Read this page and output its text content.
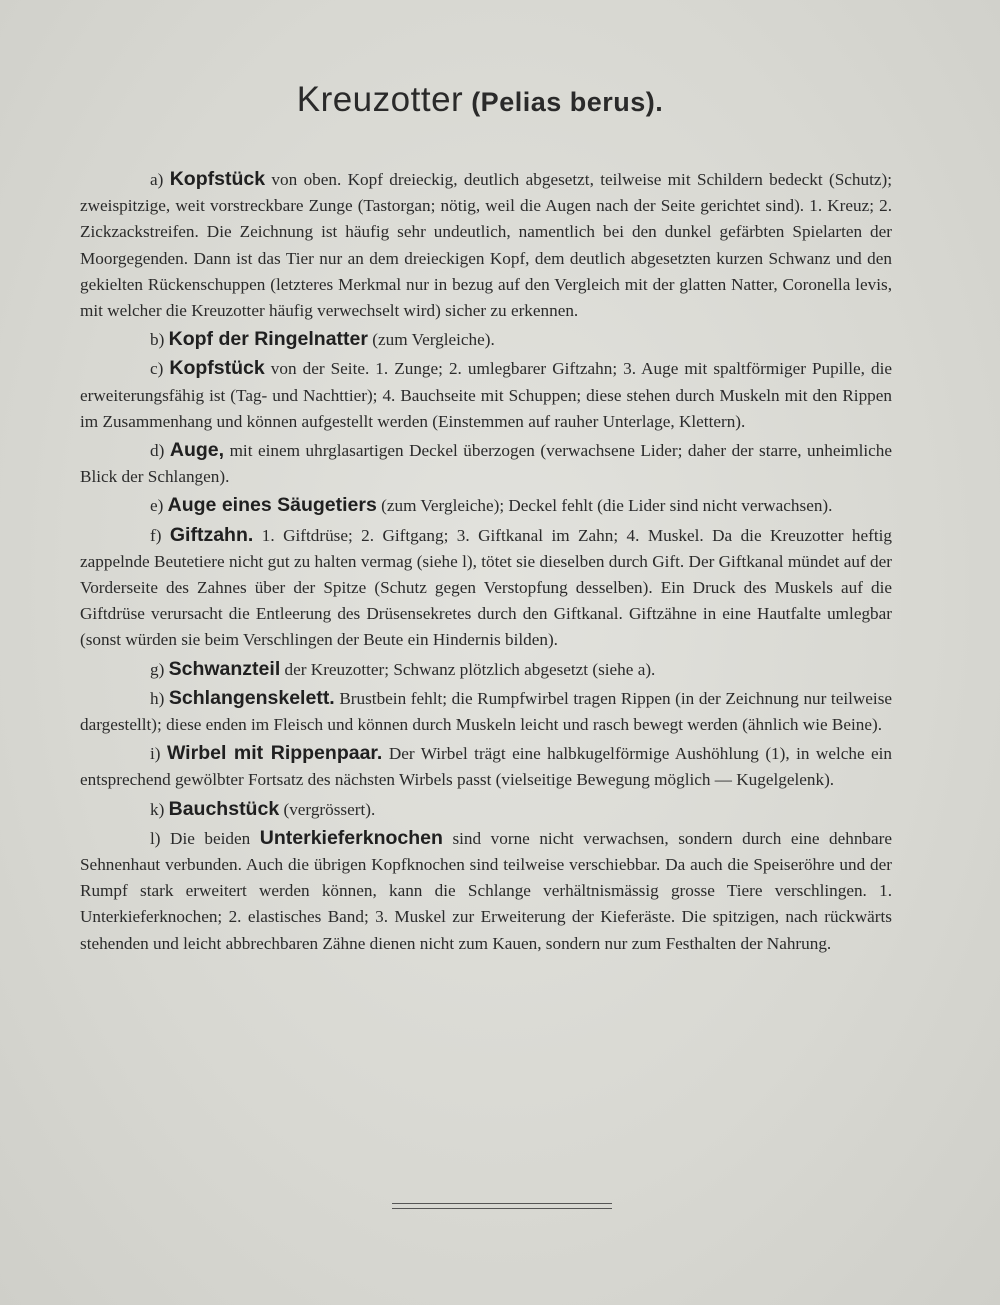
Kreuzotter (Pelias berus).

a) Kopfstück von oben. Kopf dreieckig, deutlich abgesetzt, teilweise mit Schildern bedeckt (Schutz); zweispitzige, weit vorstreckbare Zunge (Tastorgan; nötig, weil die Augen nach der Seite gerichtet sind). 1. Kreuz; 2. Zickzackstreifen. Die Zeichnung ist häufig sehr undeutlich, namentlich bei den dunkel gefärbten Spielarten der Moorgegenden. Dann ist das Tier nur an dem dreieckigen Kopf, dem deutlich abgesetzten kurzen Schwanz und den gekielten Rückenschuppen (letzteres Merkmal nur in bezug auf den Vergleich mit der glatten Natter, Coronella levis, mit welcher die Kreuzotter häufig verwechselt wird) sicher zu erkennen.

b) Kopf der Ringelnatter (zum Vergleiche).

c) Kopfstück von der Seite. 1. Zunge; 2. umlegbarer Giftzahn; 3. Auge mit spaltförmiger Pupille, die erweiterungsfähig ist (Tag- und Nachttier); 4. Bauchseite mit Schuppen; diese stehen durch Muskeln mit den Rippen im Zusammenhang und können aufgestellt werden (Einstemmen auf rauher Unterlage, Klettern).

d) Auge, mit einem uhrglasartigen Deckel überzogen (verwachsene Lider; daher der starre, unheimliche Blick der Schlangen).

e) Auge eines Säugetiers (zum Vergleiche); Deckel fehlt (die Lider sind nicht verwachsen).

f) Giftzahn. 1. Giftdrüse; 2. Giftgang; 3. Giftkanal im Zahn; 4. Muskel. Da die Kreuzotter heftig zappelnde Beutetiere nicht gut zu halten vermag (siehe l), tötet sie dieselben durch Gift. Der Giftkanal mündet auf der Vorderseite des Zahnes über der Spitze (Schutz gegen Verstopfung desselben). Ein Druck des Muskels auf die Giftdrüse verursacht die Entleerung des Drüsensekretes durch den Giftkanal. Giftzähne in eine Hautfalte umlegbar (sonst würden sie beim Verschlingen der Beute ein Hindernis bilden).

g) Schwanzteil der Kreuzotter; Schwanz plötzlich abgesetzt (siehe a).

h) Schlangenskelett. Brustbein fehlt; die Rumpfwirbel tragen Rippen (in der Zeichnung nur teilweise dargestellt); diese enden im Fleisch und können durch Muskeln leicht und rasch bewegt werden (ähnlich wie Beine).

i) Wirbel mit Rippenpaar. Der Wirbel trägt eine halbkugelförmige Aushöhlung (1), in welche ein entsprechend gewölbter Fortsatz des nächsten Wirbels passt (vielseitige Bewegung möglich — Kugelgelenk).

k) Bauchstück (vergrössert).

l) Die beiden Unterkieferknochen sind vorne nicht verwachsen, sondern durch eine dehnbare Sehnenhaut verbunden. Auch die übrigen Kopfknochen sind teilweise verschiebbar. Da auch die Speiseröhre und der Rumpf stark erweitert werden können, kann die Schlange verhältnismässig grosse Tiere verschlingen. 1. Unterkieferknochen; 2. elastisches Band; 3. Muskel zur Erweiterung der Kieferäste. Die spitzigen, nach rückwärts stehenden und leicht abbrechbaren Zähne dienen nicht zum Kauen, sondern nur zum Festhalten der Nahrung.
